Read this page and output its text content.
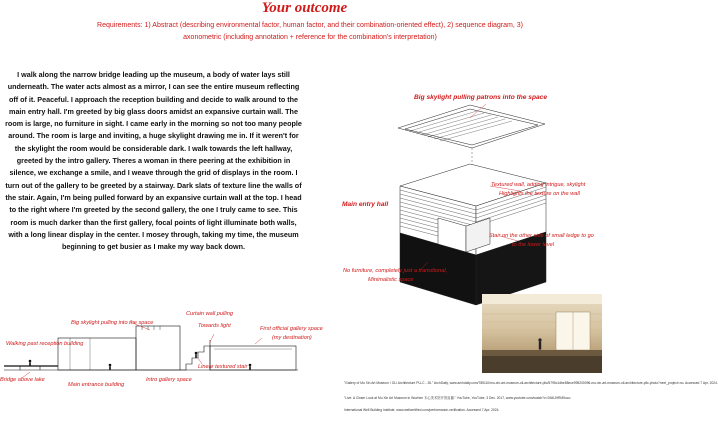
Your outcome
Requirements: 1) Abstract (describing environmental factor, human factor, and their combination-oriented effect), 2) sequence diagram, 3) axonometric (including annotation + reference for the combination's interpretation)
I walk along the narrow bridge leading up the museum, a body of water lays still underneath. The water acts almost as a mirror, I can see the entire museum reflecting off of it. Peaceful. I approach the reception building and decide to walk around to the main entry hall. I'm greeted by big glass doors amidst an expansive curtain wall. The room is large, no furniture in sight. I came early in the morning so not too many people around. The room is large and inviting, a huge skylight drawing me in. If it weren't for the skylight the room would be considerable dark. I walk towards the left hallway, greeted by the intro gallery. Theres a woman in there peering at the exhibition in silence, we exchange a smile, and I weave through the grid of displays in the room. I turn out of the gallery to be greeted by a stairway. Dark slats of texture line the walls of the stair. Again, I'm being pulled forward by an expansive curtain wall at the top. I head to the right where I'm greeted by the second gallery, the one I truly came to see. This room is much darker than the first gallery, focal points of light illuminate both walls, with a long linear display in the center. I mosey through, taking my time, the museum beginning to get busier as I make my way back down.
Big skylight pulling patrons into the space
Main entry hall
Textured wall, adding intrigue, skylight
Highlights the texture on the wall
Stair on the other side of small ledge to go
to the lower level
No furniture, completely just a transitional,
Minimalistic space
Curtain wall pulling
Towards light
Big skylight pulling into the space
First official gallery space
(my destination)
Walking past reception building
Bridge above lake
Main entrance building
Intro gallery space
Linear textured stair
"Gallery of Mu Xin Art Museum / OLI Architecture PLLC - 26." ArchDaily, www.archdaily.com/785110/mu-xin-art-museum-oli-architecture-pllc/5795c1dbe58ece995200096-mu-xin-art-museum-oli-architecture-pllc-photo?next_project=no. Accessed 7 Apr. 2024.
"Live: A Closer Look at Mu Xin Art Museum in Wuzhen 木心美术馆开馆直播." YouTube, YouTube, 3 Dec. 2017, www.youtube.com/watch?v=DNIUHRM5oco.
International Well Building Institute, www.wellcertified.com/performance-verification. Accessed 7 Apr. 2024.
